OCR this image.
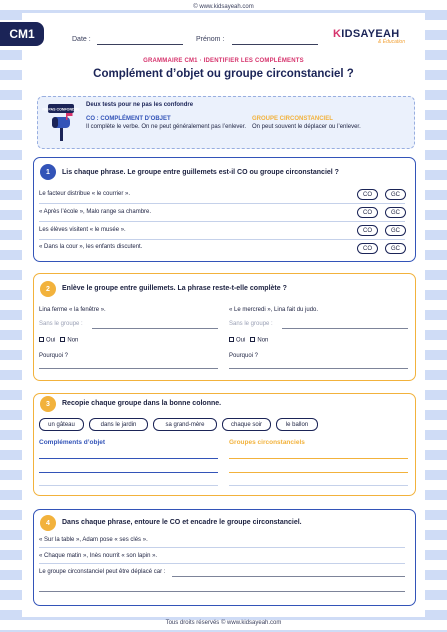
© www.kidsayeah.com
CM1	Date :	Prénom :	KIDSAYEAH
& Éducation
GRAMMAIRE CM1 · IDENTIFIER LES COMPLÉMENTS
Complément d’objet ou groupe circonstanciel ?
NE PAS CONFONDRE
Deux tests pour ne pas les confondre
CO : COMPLÉMENT D’OBJET
Il complète le verbe. On ne peut généralement pas l’enlever.
GROUPE CIRCONSTANCIEL
On peut souvent le déplacer ou l’enlever.
1	Lis chaque phrase. Le groupe entre guillemets est-il CO ou groupe circonstanciel ?
Le facteur distribue « le courrier ».	CO	GC
« Après l’école », Malo range sa chambre.	CO	GC
Les élèves visitent « le musée ».	CO	GC
« Dans la cour », les enfants discutent.	CO	GC
2	Enlève le groupe entre guillemets. La phrase reste-t-elle complète ?
Lina ferme « la fenêtre ».
Sans le groupe :
Oui Non
Pourquoi ?
« Le mercredi », Lina fait du judo.
Sans le groupe :
Oui Non
Pourquoi ?
3	Recopie chaque groupe dans la bonne colonne.
un gâteau	dans le jardin	sa grand-mère	chaque soir	le ballon
Compléments d’objet	Groupes circonstanciels
4	Dans chaque phrase, entoure le CO et encadre le groupe circonstanciel.
« Sur la table », Adam pose « ses clés ».
« Chaque matin », Inès nourrit « son lapin ».
Le groupe circonstanciel peut être déplacé car :
Tous droits réservés © www.kidsayeah.com
